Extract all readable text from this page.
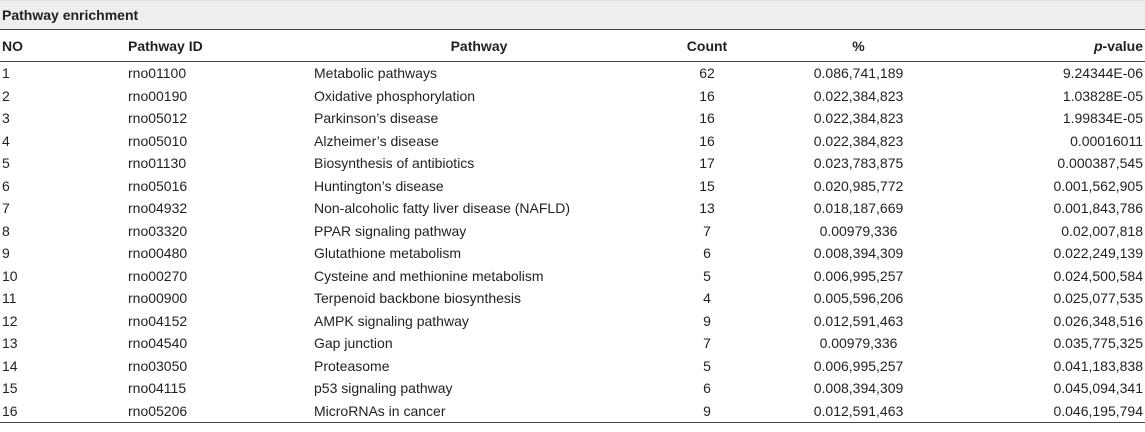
Pathway enrichment
NO	Pathway ID	Pathway	Count	%	p-value
1	rno01100	Metabolic pathways	62	0.086,741,189	9.24344E-06
2	rno00190	Oxidative phosphorylation	16	0.022,384,823	1.03828E-05
3	rno05012	Parkinson’s disease	16	0.022,384,823	1.99834E-05
4	rno05010	Alzheimer’s disease	16	0.022,384,823	0.00016011
5	rno01130	Biosynthesis of antibiotics	17	0.023,783,875	0.000387,545
6	rno05016	Huntington’s disease	15	0.020,985,772	0.001,562,905
7	rno04932	Non-alcoholic fatty liver disease (NAFLD)	13	0.018,187,669	0.001,843,786
8	rno03320	PPAR signaling pathway	7	0.00979,336	0.02,007,818
9	rno00480	Glutathione metabolism	6	0.008,394,309	0.022,249,139
10	rno00270	Cysteine and methionine metabolism	5	0.006,995,257	0.024,500,584
11	rno00900	Terpenoid backbone biosynthesis	4	0.005,596,206	0.025,077,535
12	rno04152	AMPK signaling pathway	9	0.012,591,463	0.026,348,516
13	rno04540	Gap junction	7	0.00979,336	0.035,775,325
14	rno03050	Proteasome	5	0.006,995,257	0.041,183,838
15	rno04115	p53 signaling pathway	6	0.008,394,309	0.045,094,341
16	rno05206	MicroRNAs in cancer	9	0.012,591,463	0.046,195,794
